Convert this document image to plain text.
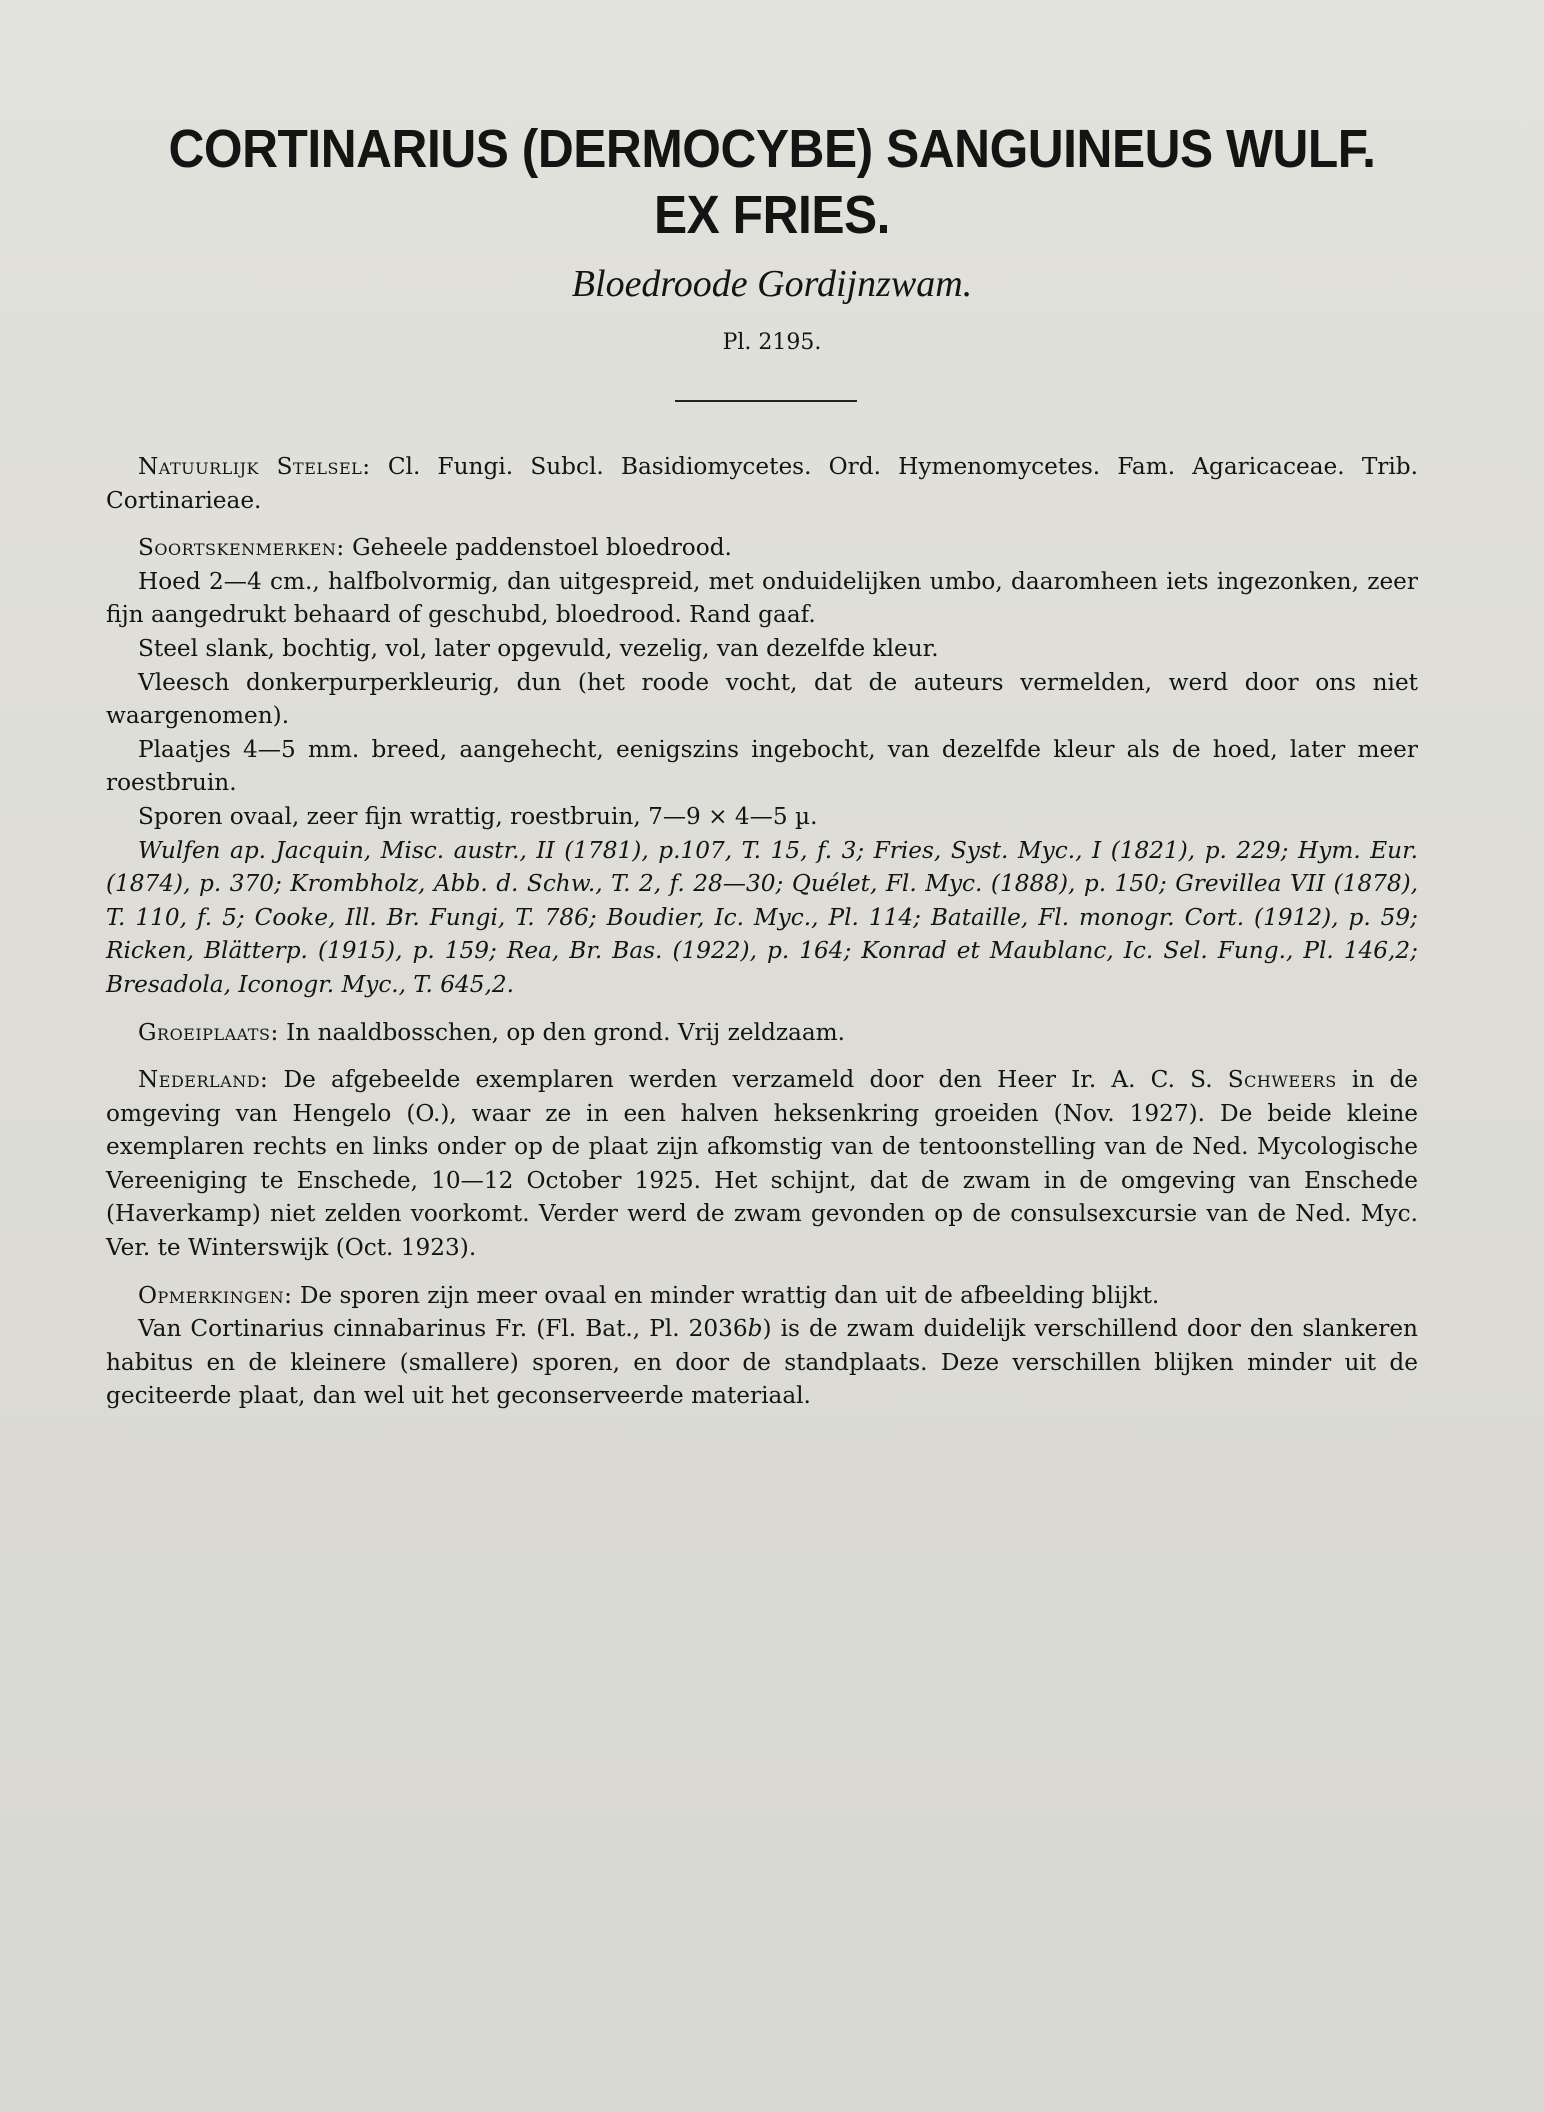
CORTINARIUS (DERMOCYBE) SANGUINEUS WULF.
EX FRIES.
Bloedroode Gordijnzwam.
Pl. 2195.

Natuurlijk Stelsel: Cl. Fungi. Subcl. Basidiomycetes. Ord. Hymenomycetes. Fam. Agaricaceae. Trib. Cortinarieae.

Soortskenmerken: Geheele paddenstoel bloedrood.

Hoed 2—4 cm., halfbolvormig, dan uitgespreid, met onduidelijken umbo, daaromheen iets ingezonken, zeer fijn aangedrukt behaard of geschubd, bloedrood. Rand gaaf.

Steel slank, bochtig, vol, later opgevuld, vezelig, van dezelfde kleur.

Vleesch donkerpurperkleurig, dun (het roode vocht, dat de auteurs vermelden, werd door ons niet waargenomen).

Plaatjes 4—5 mm. breed, aangehecht, eenigszins ingebocht, van dezelfde kleur als de hoed, later meer roestbruin.

Sporen ovaal, zeer fijn wrattig, roestbruin, 7—9 × 4—5 µ.

Wulfen ap. Jacquin, Misc. austr., II (1781), p.107, T. 15, f. 3; Fries, Syst. Myc., I (1821), p. 229; Hym. Eur. (1874), p. 370; Krombholz, Abb. d. Schw., T. 2, f. 28—30; Quélet, Fl. Myc. (1888), p. 150; Grevillea VII (1878), T. 110, f. 5; Cooke, Ill. Br. Fungi, T. 786; Boudier, Ic. Myc., Pl. 114; Bataille, Fl. monogr. Cort. (1912), p. 59; Ricken, Blätterp. (1915), p. 159; Rea, Br. Bas. (1922), p. 164; Konrad et Maublanc, Ic. Sel. Fung., Pl. 146,2; Bresadola, Iconogr. Myc., T. 645,2.

Groeiplaats: In naaldbosschen, op den grond. Vrij zeldzaam.

Nederland: De afgebeelde exemplaren werden verzameld door den Heer Ir. A. C. S. Schweers in de omgeving van Hengelo (O.), waar ze in een halven heksenkring groeiden (Nov. 1927). De beide kleine exemplaren rechts en links onder op de plaat zijn afkomstig van de tentoonstelling van de Ned. Mycologische Vereeniging te Enschede, 10—12 October 1925. Het schijnt, dat de zwam in de omgeving van Enschede (Haverkamp) niet zelden voorkomt. Verder werd de zwam gevonden op de consulsexcursie van de Ned. Myc. Ver. te Winterswijk (Oct. 1923).

Opmerkingen: De sporen zijn meer ovaal en minder wrattig dan uit de afbeelding blijkt.

Van Cortinarius cinnabarinus Fr. (Fl. Bat., Pl. 2036b) is de zwam duidelijk verschillend door den slankeren habitus en de kleinere (smallere) sporen, en door de standplaats. Deze verschillen blijken minder uit de geciteerde plaat, dan wel uit het geconserveerde materiaal.
